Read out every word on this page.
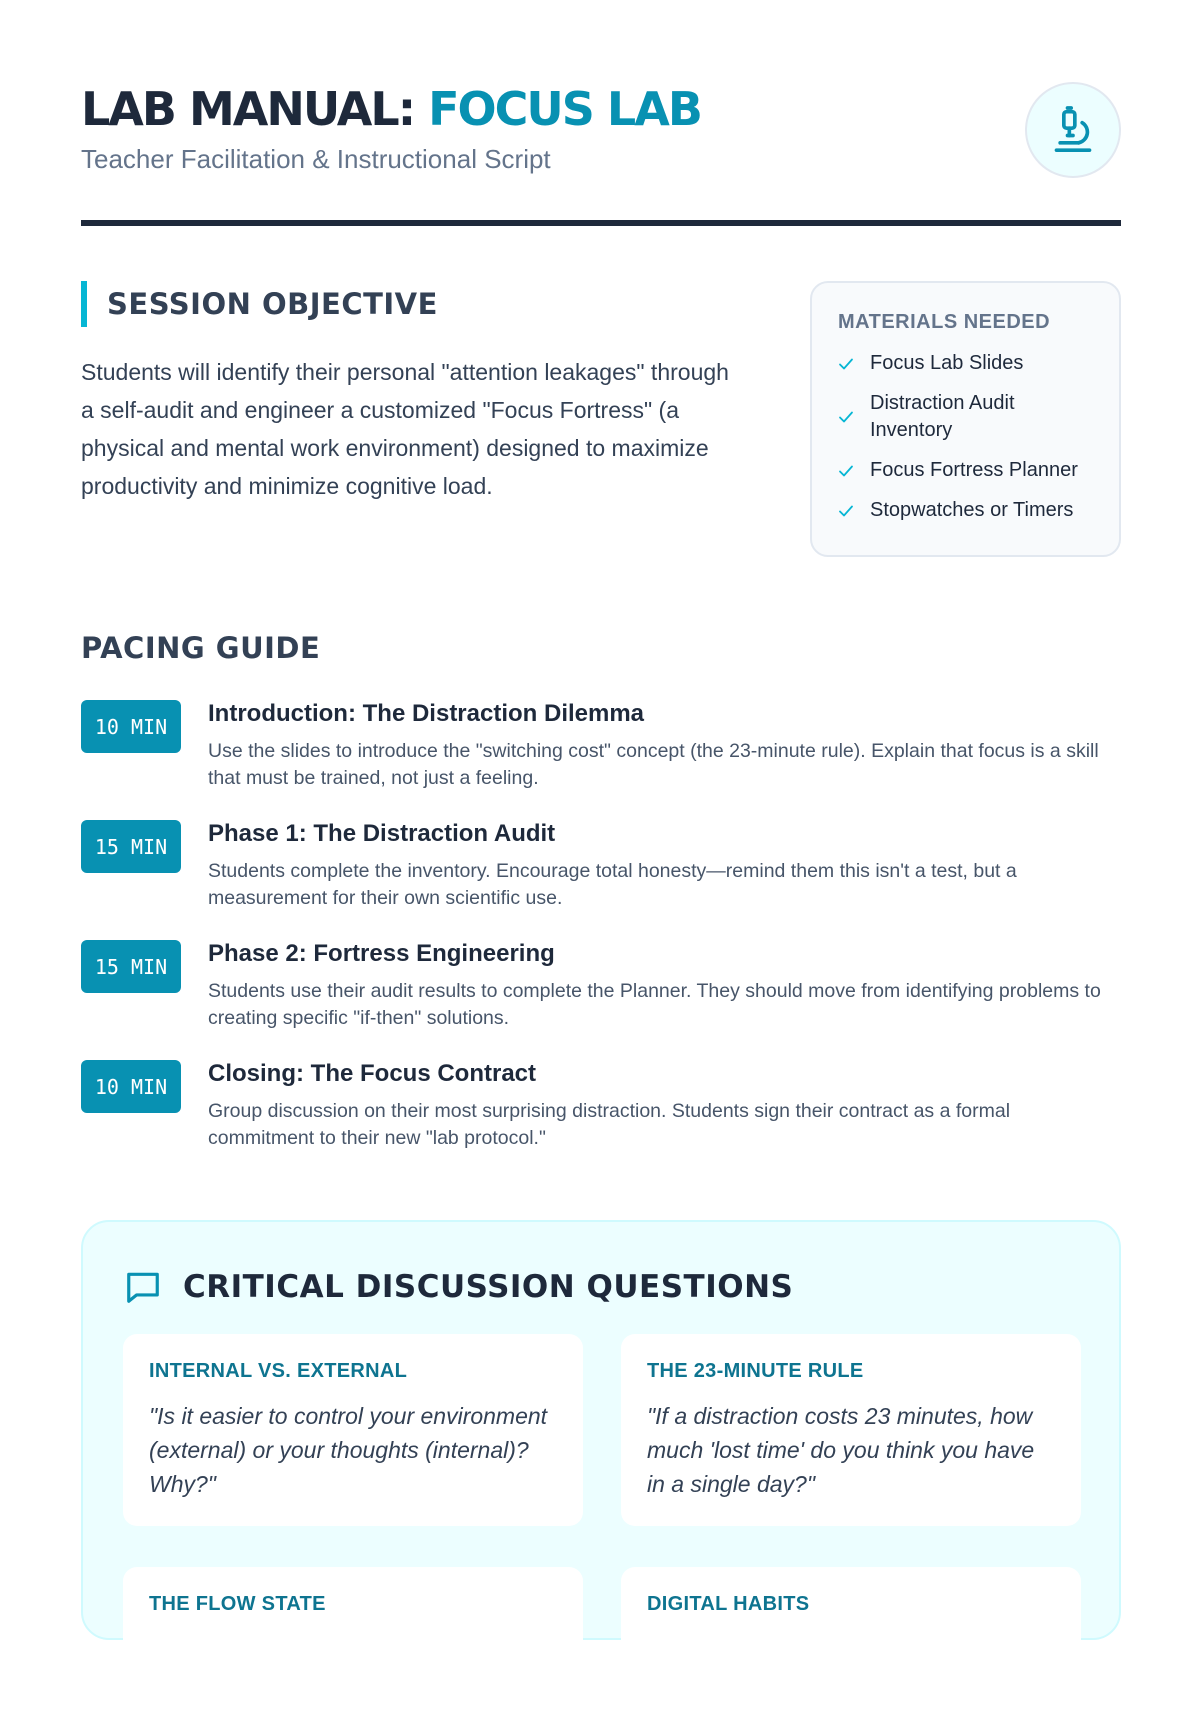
LAB MANUAL: FOCUS LAB
Teacher Facilitation & Instructional Script
SESSION OBJECTIVE

Students will identify their personal "attention leakages" through a self-audit and engineer a customized "Focus Fortress" (a physical and mental work environment) designed to maximize productivity and minimize cognitive load.

MATERIALS NEEDED
Focus Lab Slides
Distraction Audit Inventory
Focus Fortress Planner
Stopwatches or Timers
PACING GUIDE
10 MIN	Introduction: The Distraction Dilemma
Use the slides to introduce the "switching cost" concept (the 23-minute rule). Explain that focus is a skill that must be trained, not just a feeling.
15 MIN	Phase 1: The Distraction Audit
Students complete the inventory. Encourage total honesty—remind them this isn't a test, but a measurement for their own scientific use.
15 MIN	Phase 2: Fortress Engineering
Students use their audit results to complete the Planner. They should move from identifying problems to creating specific "if-then" solutions.
10 MIN	Closing: The Focus Contract
Group discussion on their most surprising distraction. Students sign their contract as a formal commitment to their new "lab protocol."
CRITICAL DISCUSSION QUESTIONS
INTERNAL VS. EXTERNAL

"Is it easier to control your environment (external) or your thoughts (internal)? Why?"

THE 23-MINUTE RULE

"If a distraction costs 23 minutes, how much 'lost time' do you think you have in a single day?"

THE FLOW STATE	DIGITAL HABITS
